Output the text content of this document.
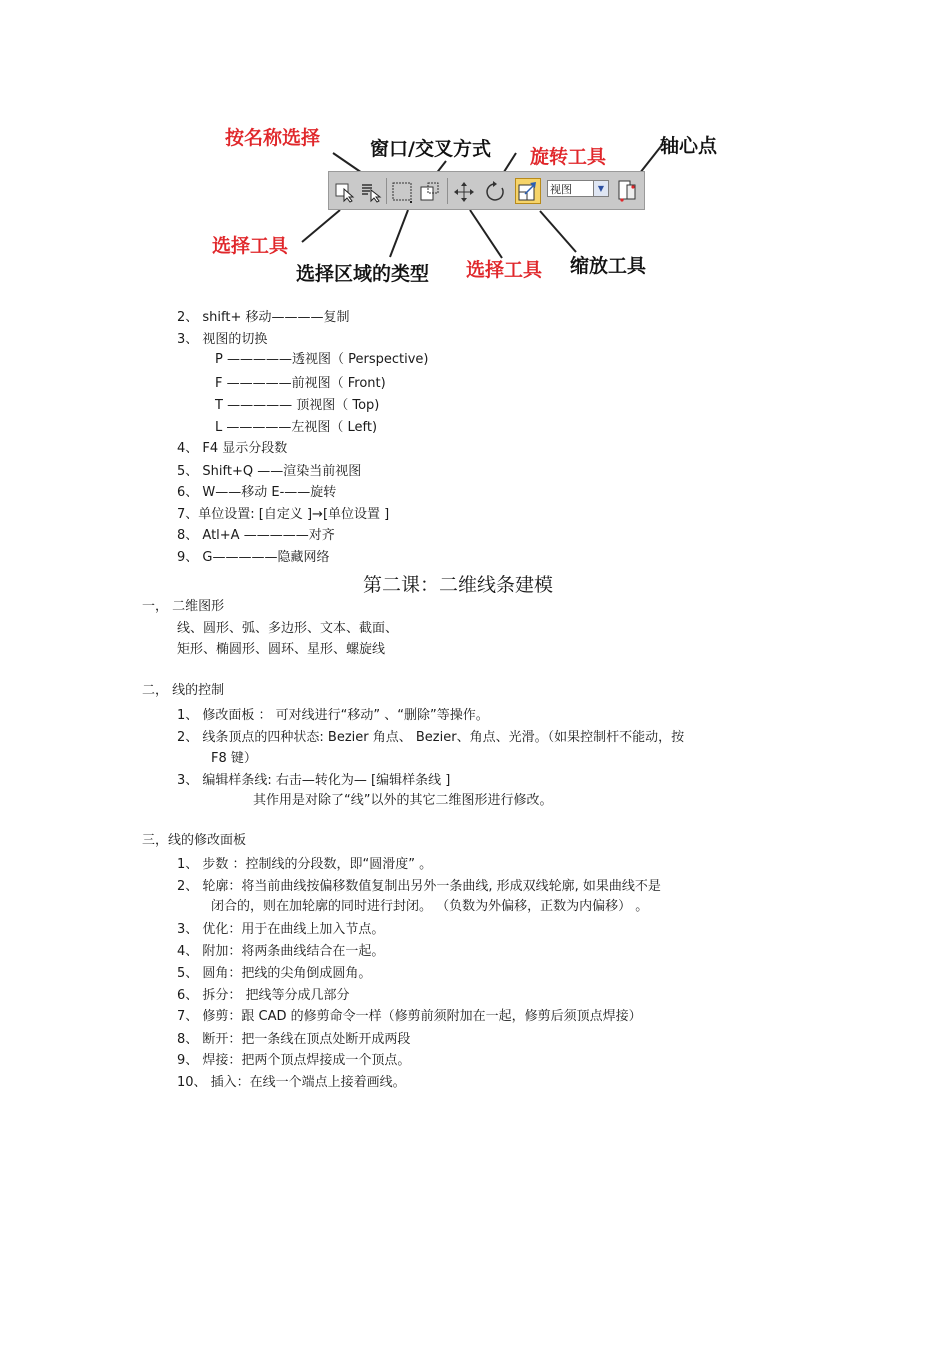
按名称选择	窗口/交叉方式 旋转工具	轴心点
选择工具
选择区域的类型 选择工具 缩放工具
视图	▼
2、 shift+ 移动————复制
3、 视图的切换
P —————透视图（ Perspective)
F —————前视图（ Front)
T ————— 顶视图（ Top)
L —————左视图（ Left)
4、 F4 显示分段数
5、 Shift+Q ——渲染当前视图
6、 W——移动 E-——旋转
7、单位设置: [自定义 ]→[单位设置 ]
8、 Atl+A —————对齐
9、 G—————隐藏网络
第二课：二维线条建模
一， 二维图形
线、圆形、弧、多边形、文本、截面、
矩形、椭圆形、圆环、星形、螺旋线
二， 线的控制
1、 修改面板 ： 可对线进行“移动” 、“删除”等操作。
2、 线条顶点的四种状态: Bezier 角点、 Bezier、角点、光滑。（如果控制杆不能动，按
F8 键）
3、 编辑样条线: 右击—转化为— [编辑样条线 ]
其作用是对除了“线”以外的其它二维图形进行修改。
三，线的修改面板
1、 步数 ：控制线的分段数，即“圆滑度” 。
2、 轮廓：将当前曲线按偏移数值复制出另外一条曲线, 形成双线轮廓, 如果曲线不是
闭合的，则在加轮廓的同时进行封闭。 （负数为外偏移，正数为内偏移） 。
3、 优化：用于在曲线上加入节点。
4、 附加：将两条曲线结合在一起。
5、 圆角：把线的尖角倒成圆角。
6、 拆分： 把线等分成几部分
7、 修剪：跟 CAD 的修剪命令一样（修剪前须附加在一起，修剪后须顶点焊接）
8、 断开：把一条线在顶点处断开成两段
9、 焊接：把两个顶点焊接成一个顶点。
10、 插入：在线一个端点上接着画线。
